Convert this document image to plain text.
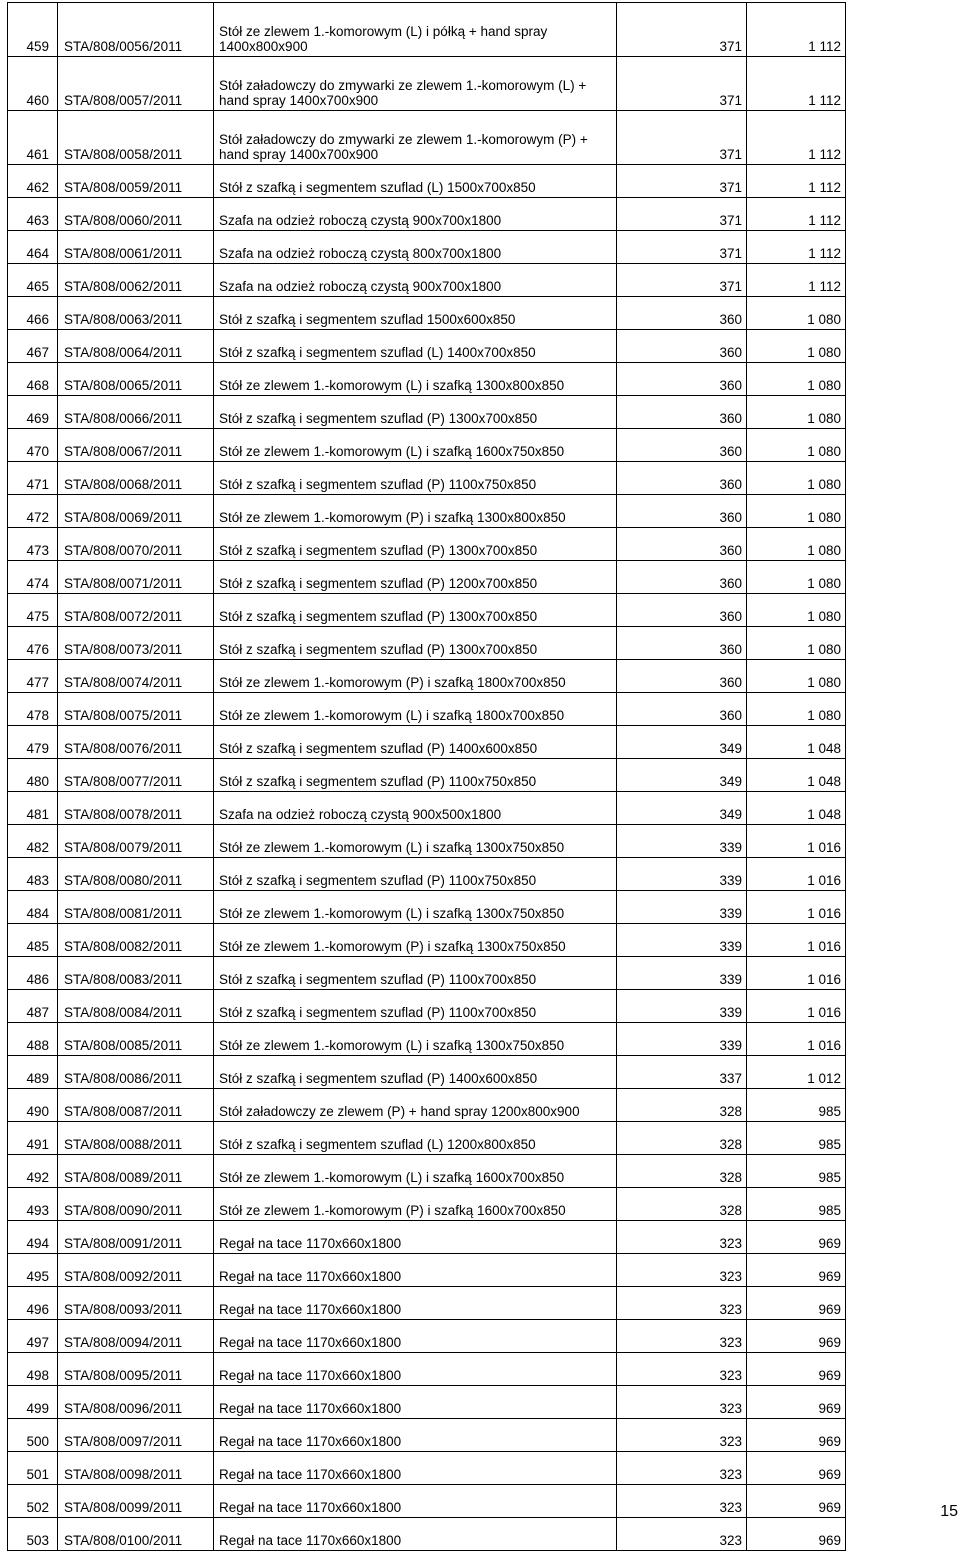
459	STA/808/0056/2011	Stół ze zlewem 1.-komorowym (L) i półką + hand spray 1400x800x900	371	1 112
460	STA/808/0057/2011	Stół załadowczy do zmywarki ze zlewem 1.-komorowym (L) + hand spray 1400x700x900	371	1 112
461	STA/808/0058/2011	Stół załadowczy do zmywarki ze zlewem 1.-komorowym (P) + hand spray 1400x700x900	371	1 112
462	STA/808/0059/2011	Stół z szafką i segmentem szuflad (L) 1500x700x850	371	1 112
463	STA/808/0060/2011	Szafa na odzież roboczą czystą 900x700x1800	371	1 112
464	STA/808/0061/2011	Szafa na odzież roboczą czystą 800x700x1800	371	1 112
465	STA/808/0062/2011	Szafa na odzież roboczą czystą 900x700x1800	371	1 112
466	STA/808/0063/2011	Stół z szafką i segmentem szuflad 1500x600x850	360	1 080
467	STA/808/0064/2011	Stół z szafką i segmentem szuflad (L) 1400x700x850	360	1 080
468	STA/808/0065/2011	Stół ze zlewem 1.-komorowym (L) i szafką 1300x800x850	360	1 080
469	STA/808/0066/2011	Stół z szafką i segmentem szuflad (P) 1300x700x850	360	1 080
470	STA/808/0067/2011	Stół ze zlewem 1.-komorowym (L) i szafką 1600x750x850	360	1 080
471	STA/808/0068/2011	Stół z szafką i segmentem szuflad (P) 1100x750x850	360	1 080
472	STA/808/0069/2011	Stół ze zlewem 1.-komorowym (P) i szafką 1300x800x850	360	1 080
473	STA/808/0070/2011	Stół z szafką i segmentem szuflad (P) 1300x700x850	360	1 080
474	STA/808/0071/2011	Stół z szafką i segmentem szuflad (P) 1200x700x850	360	1 080
475	STA/808/0072/2011	Stół z szafką i segmentem szuflad (P) 1300x700x850	360	1 080
476	STA/808/0073/2011	Stół z szafką i segmentem szuflad (P) 1300x700x850	360	1 080
477	STA/808/0074/2011	Stół ze zlewem 1.-komorowym (P) i szafką 1800x700x850	360	1 080
478	STA/808/0075/2011	Stół ze zlewem 1.-komorowym (L) i szafką 1800x700x850	360	1 080
479	STA/808/0076/2011	Stół z szafką i segmentem szuflad (P) 1400x600x850	349	1 048
480	STA/808/0077/2011	Stół z szafką i segmentem szuflad (P) 1100x750x850	349	1 048
481	STA/808/0078/2011	Szafa na odzież roboczą czystą 900x500x1800	349	1 048
482	STA/808/0079/2011	Stół ze zlewem 1.-komorowym (L) i szafką 1300x750x850	339	1 016
483	STA/808/0080/2011	Stół z szafką i segmentem szuflad (P) 1100x750x850	339	1 016
484	STA/808/0081/2011	Stół ze zlewem 1.-komorowym (L) i szafką 1300x750x850	339	1 016
485	STA/808/0082/2011	Stół ze zlewem 1.-komorowym (P) i szafką 1300x750x850	339	1 016
486	STA/808/0083/2011	Stół z szafką i segmentem szuflad (P) 1100x700x850	339	1 016
487	STA/808/0084/2011	Stół z szafką i segmentem szuflad (P) 1100x700x850	339	1 016
488	STA/808/0085/2011	Stół ze zlewem 1.-komorowym (L) i szafką 1300x750x850	339	1 016
489	STA/808/0086/2011	Stół z szafką i segmentem szuflad (P) 1400x600x850	337	1 012
490	STA/808/0087/2011	Stół załadowczy ze zlewem (P) + hand spray 1200x800x900	328	985
491	STA/808/0088/2011	Stół z szafką i segmentem szuflad (L) 1200x800x850	328	985
492	STA/808/0089/2011	Stół ze zlewem 1.-komorowym (L) i szafką 1600x700x850	328	985
493	STA/808/0090/2011	Stół ze zlewem 1.-komorowym (P) i szafką 1600x700x850	328	985
494	STA/808/0091/2011	Regał na tace 1170x660x1800	323	969
495	STA/808/0092/2011	Regał na tace 1170x660x1800	323	969
496	STA/808/0093/2011	Regał na tace 1170x660x1800	323	969
497	STA/808/0094/2011	Regał na tace 1170x660x1800	323	969
498	STA/808/0095/2011	Regał na tace 1170x660x1800	323	969
499	STA/808/0096/2011	Regał na tace 1170x660x1800	323	969
500	STA/808/0097/2011	Regał na tace 1170x660x1800	323	969
501	STA/808/0098/2011	Regał na tace 1170x660x1800	323	969
502	STA/808/0099/2011	Regał na tace 1170x660x1800	323	969
503	STA/808/0100/2011	Regał na tace 1170x660x1800	323	969
15
